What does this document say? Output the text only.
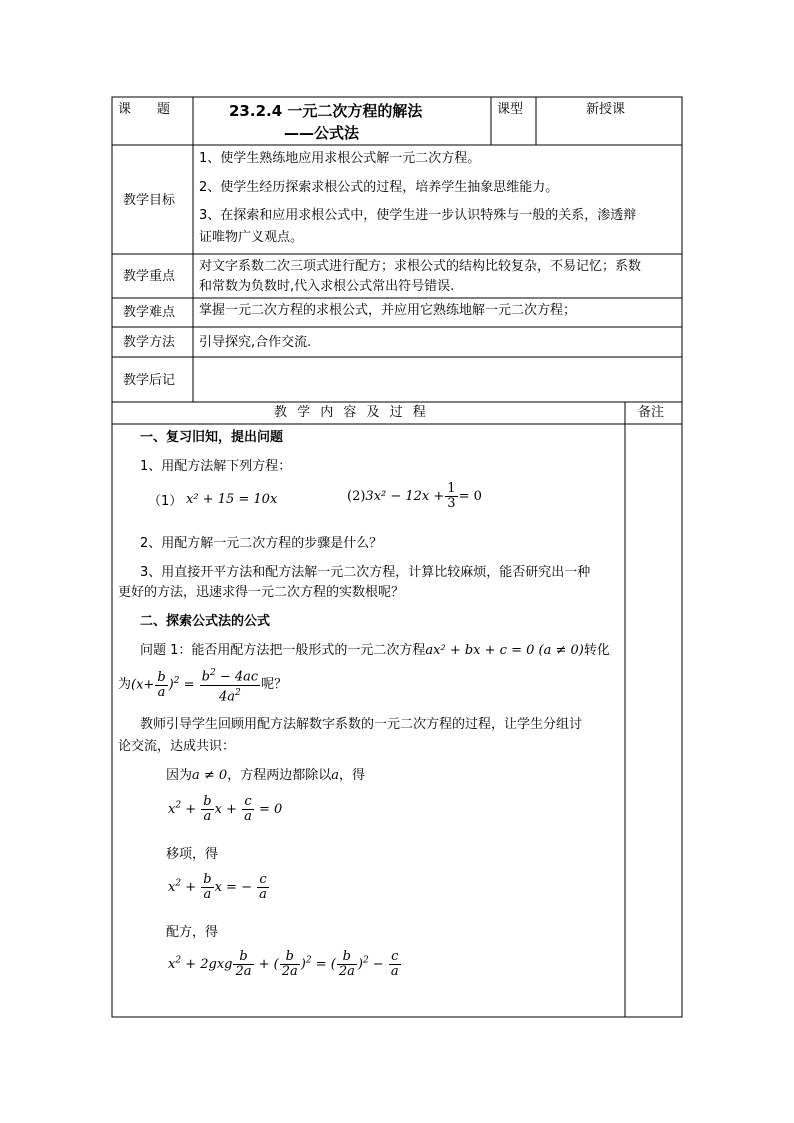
课　　题	23.2.4 一元二次方程的解法
——公式法
课型	新授课
教学目标
1、使学生熟练地应用求根公式解一元二次方程。
2、使学生经历探索求根公式的过程，培养学生抽象思维能力。
3、在探索和应用求根公式中，使学生进一步认识特殊与一般的关系，渗透辩
证唯物广义观点。
教学重点
对文字系数二次三项式进行配方；求根公式的结构比较复杂，不易记忆；系数
和常数为负数时,代入求根公式常出符号错误.
教学难点 掌握一元二次方程的求根公式，并应用它熟练地解一元二次方程；
教学方法 引导探究,合作交流.
教学后记
教 学 内 容 及 过 程	备注
一、复习旧知，提出问题
1、用配方法解下列方程：
（1） x² + 15 = 10x	$(2)3x^2 - 12x + \frac{1}{3} = 0$
2、用配方解一元二次方程的步骤是什么？
3、用直接开平方法和配方法解一元二次方程，计算比较麻烦，能否研究出一种
更好的方法，迅速求得一元二次方程的实数根呢？
二、探索公式法的公式
问题 1：能否用配方法把一般形式的一元二次方程ax² + bx + c = 0 (a ≠ 0)转化
为 $(x+ \frac{b}{a} )^2 = \frac{b^2 - 4ac}{4a^2}$ 呢？
教师引导学生回顾用配方法解数字系数的一元二次方程的过程，让学生分组讨
论交流，达成共识：
因为a ≠ 0，方程两边都除以a，得
$x^2 + \frac{b}{a}$ $x + \frac{c}{a} = 0$
移项，得
$x^2 + \frac{b}{a}$ x = − $\frac{c}{a}$
配方，得
$x^2 + 2gxg \frac{b}{2a}$ + ( $\frac{b}{2a} )^2$ = ( $\frac{b}{2a} )^2 - \frac{c}{a}$
